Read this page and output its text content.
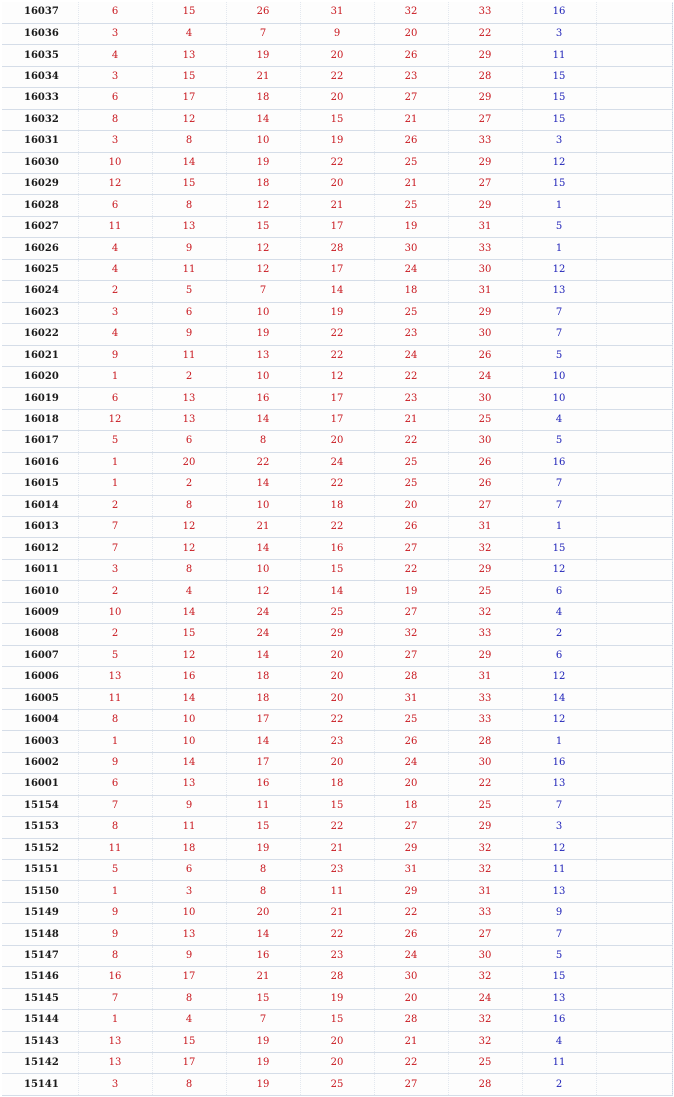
16037	6	15	26	31	32	33	16	
16036	3	4	7	9	20	22	3	
16035	4	13	19	20	26	29	11	
16034	3	15	21	22	23	28	15	
16033	6	17	18	20	27	29	15	
16032	8	12	14	15	21	27	15	
16031	3	8	10	19	26	33	3	
16030	10	14	19	22	25	29	12	
16029	12	15	18	20	21	27	15	
16028	6	8	12	21	25	29	1	
16027	11	13	15	17	19	31	5	
16026	4	9	12	28	30	33	1	
16025	4	11	12	17	24	30	12	
16024	2	5	7	14	18	31	13	
16023	3	6	10	19	25	29	7	
16022	4	9	19	22	23	30	7	
16021	9	11	13	22	24	26	5	
16020	1	2	10	12	22	24	10	
16019	6	13	16	17	23	30	10	
16018	12	13	14	17	21	25	4	
16017	5	6	8	20	22	30	5	
16016	1	20	22	24	25	26	16	
16015	1	2	14	22	25	26	7	
16014	2	8	10	18	20	27	7	
16013	7	12	21	22	26	31	1	
16012	7	12	14	16	27	32	15	
16011	3	8	10	15	22	29	12	
16010	2	4	12	14	19	25	6	
16009	10	14	24	25	27	32	4	
16008	2	15	24	29	32	33	2	
16007	5	12	14	20	27	29	6	
16006	13	16	18	20	28	31	12	
16005	11	14	18	20	31	33	14	
16004	8	10	17	22	25	33	12	
16003	1	10	14	23	26	28	1	
16002	9	14	17	20	24	30	16	
16001	6	13	16	18	20	22	13	
15154	7	9	11	15	18	25	7	
15153	8	11	15	22	27	29	3	
15152	11	18	19	21	29	32	12	
15151	5	6	8	23	31	32	11	
15150	1	3	8	11	29	31	13	
15149	9	10	20	21	22	33	9	
15148	9	13	14	22	26	27	7	
15147	8	9	16	23	24	30	5	
15146	16	17	21	28	30	32	15	
15145	7	8	15	19	20	24	13	
15144	1	4	7	15	28	32	16	
15143	13	15	19	20	21	32	4	
15142	13	17	19	20	22	25	11	
15141	3	8	19	25	27	28	2	
